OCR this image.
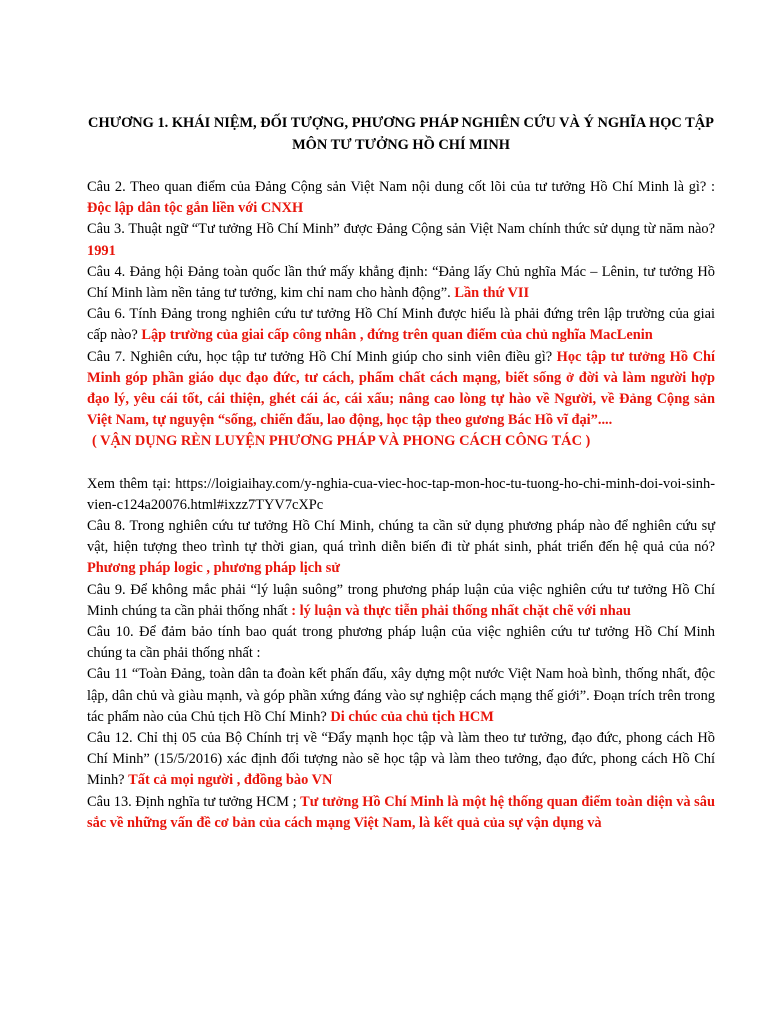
CHƯƠNG 1. KHÁI NIỆM, ĐỐI TƯỢNG, PHƯƠNG PHÁP NGHIÊN CỨU VÀ Ý NGHĨA HỌC TẬP MÔN TƯ TƯỞNG HỒ CHÍ MINH

Câu 2. Theo quan điểm của Đảng Cộng sản Việt Nam nội dung cốt lõi của tư tưởng Hồ Chí Minh là gì? : Độc lập dân tộc gắn liền với CNXH

Câu 3. Thuật ngữ “Tư tưởng Hồ Chí Minh” được Đảng Cộng sản Việt Nam chính thức sử dụng từ năm nào? 1991

Câu 4. Đảng hội Đảng toàn quốc lần thứ mấy khẳng định: “Đảng lấy Chủ nghĩa Mác – Lênin, tư tưởng Hồ Chí Minh làm nền tảng tư tưởng, kim chỉ nam cho hành động”. Lần thứ VII

Câu 6. Tính Đảng trong nghiên cứu tư tưởng Hồ Chí Minh được hiểu là phải đứng trên lập trường của giai cấp nào? Lập trường của giai cấp công nhân , đứng trên quan điểm của chủ nghĩa MacLenin

Câu 7. Nghiên cứu, học tập tư tưởng Hồ Chí Minh giúp cho sinh viên điều gì? Học tập tư tưởng Hồ Chí Minh góp phần giáo dục đạo đức, tư cách, phẩm chất cách mạng, biết sống ở đời và làm người hợp đạo lý, yêu cái tốt, cái thiện, ghét cái ác, cái xấu; nâng cao lòng tự hào về Người, về Đảng Cộng sản Việt Nam, tự nguyện “sống, chiến đấu, lao động, học tập theo gương Bác Hồ vĩ đại”....

( VẬN DỤNG RÈN LUYỆN PHƯƠNG PHÁP VÀ PHONG CÁCH CÔNG TÁC )

Xem thêm tại: https://loigiaihay.com/y-nghia-cua-viec-hoc-tap-mon-hoc-tu-tuong-ho-chi-minh-doi-voi-sinh-vien-c124a20076.html#ixzz7TYV7cXPc

Câu 8. Trong nghiên cứu tư tưởng Hồ Chí Minh, chúng ta cần sử dụng phương pháp nào để nghiên cứu sự vật, hiện tượng theo trình tự thời gian, quá trình diễn biến đi từ phát sinh, phát triển đến hệ quả của nó? Phương pháp logic , phương pháp lịch sử

Câu 9. Để không mắc phải “lý luận suông” trong phương pháp luận của việc nghiên cứu tư tưởng Hồ Chí Minh chúng ta cần phải thống nhất : lý luận và thực tiễn phải thống nhất chặt chẽ với nhau

Câu 10. Để đảm bảo tính bao quát trong phương pháp luận của việc nghiên cứu tư tưởng Hồ Chí Minh chúng ta cần phải thống nhất :

Câu 11 “Toàn Đảng, toàn dân ta đoàn kết phấn đấu, xây dựng một nước Việt Nam hoà bình, thống nhất, độc lập, dân chủ và giàu mạnh, và góp phần xứng đáng vào sự nghiệp cách mạng thế giới”. Đoạn trích trên trong tác phẩm nào của Chủ tịch Hồ Chí Minh? Di chúc của chủ tịch HCM

Câu 12. Chỉ thị 05 của Bộ Chính trị về “Đẩy mạnh học tập và làm theo tư tưởng, đạo đức, phong cách Hồ Chí Minh” (15/5/2016) xác định đối tượng nào sẽ học tập và làm theo tưởng, đạo đức, phong cách Hồ Chí Minh? Tất cả mọi người , đđồng bào VN

Câu 13. Định nghĩa tư tưởng HCM ; Tư tưởng Hồ Chí Minh là một hệ thống quan điểm toàn diện và sâu sắc về những vấn đề cơ bản của cách mạng Việt Nam, là kết quả của sự vận dụng và
